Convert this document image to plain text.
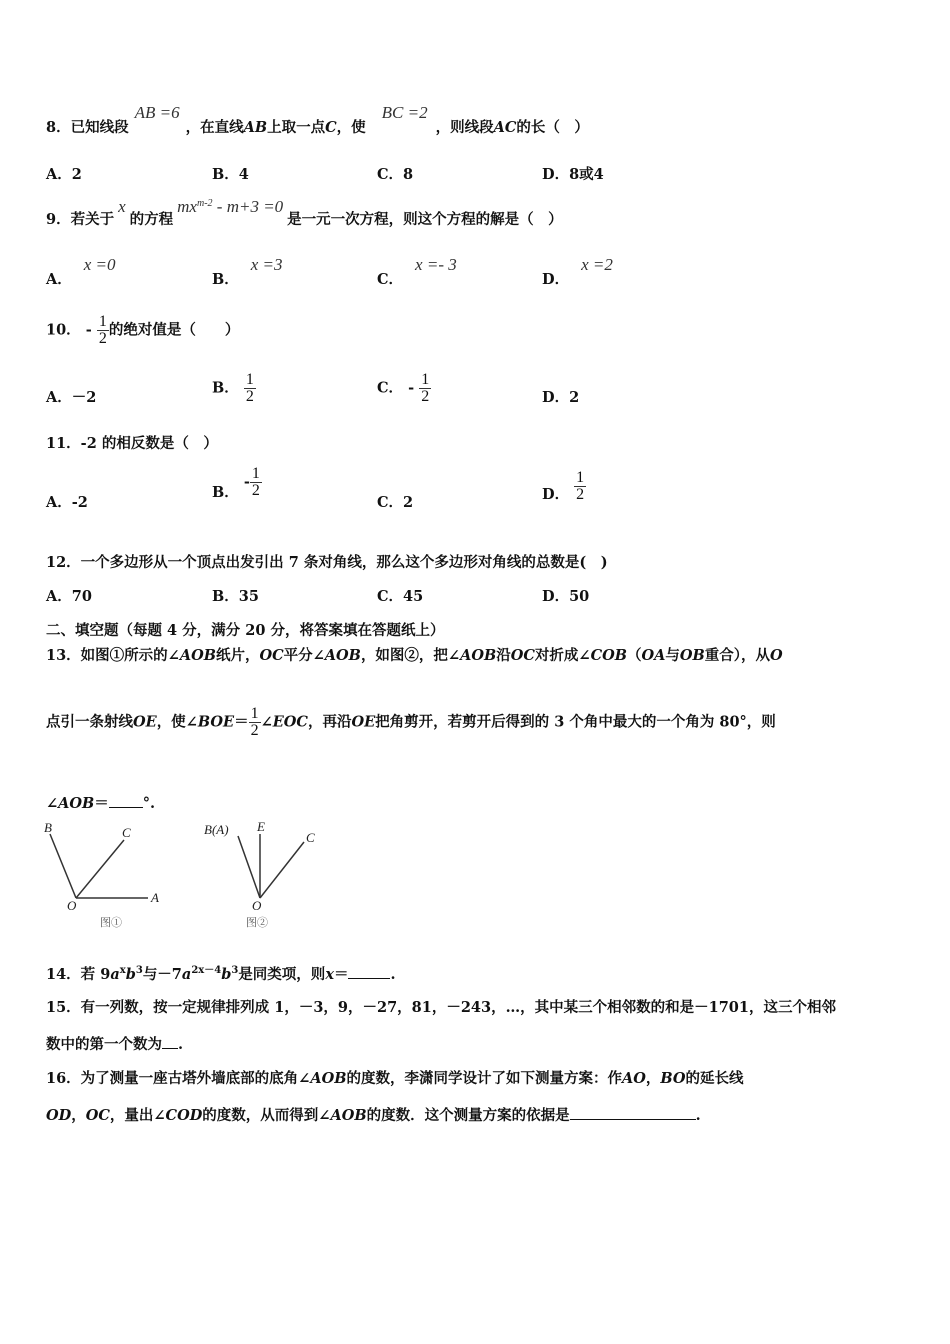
8．已知线段AB =6，在直线AB上取一点C，使BC =2，则线段AC的长（　）
A．2	B．4	C．8	D．8或4
9．若关于x的方程$mx^{m-2} - m+3 =0$是一元一次方程，则这个方程的解是（　）
A．x =0
B．x =3
C．x =- 3
D．x =2
10． - $\frac{1}{2}$ 的绝对值是（　　）
A．－2
B． $\frac{1}{2}$	C． - $\frac{1}{2}$	D．2
11．-2 的相反数是（　）
A．-2
B． - $\frac{1}{2}$
C．2	D． $\frac{1}{2}$
12．一个多边形从一个顶点出发引出 7 条对角线，那么这个多边形对角线的总数是(　)
A．70	B．35	C．45	D．50
二、填空题（每题 4 分，满分 20 分，将答案填在答题纸上）
13．如图①所示的∠AOB纸片，OC平分∠AOB，如图②，把∠AOB沿OC对折成∠COB（OA与OB重合），从O
点引一条射线OE，使∠BOE＝ $\frac{1}{2}$ ∠EOC，再沿OE把角剪开，若剪开后得到的 3 个角中最大的一个角为 80°，则
∠AOB＝ °.
B	C
O
A
图①
B(A) E
C
O
图②
14．若 $9a^xb^3$与$-7a^{2x-4}b^3$是同类项，则x＝	.
15．有一列数，按一定规律排列成 1，－3，9，－27，81，－243，…，其中某三个相邻数的和是－1701，这三个相邻
数中的第一个数为 .
16．为了测量一座古塔外墙底部的底角∠AOB的度数，李潇同学设计了如下测量方案：作AO，BO的延长线
OD，OC，量出∠COD的度数，从而得到∠AOB的度数．这个测量方案的依据是	.
